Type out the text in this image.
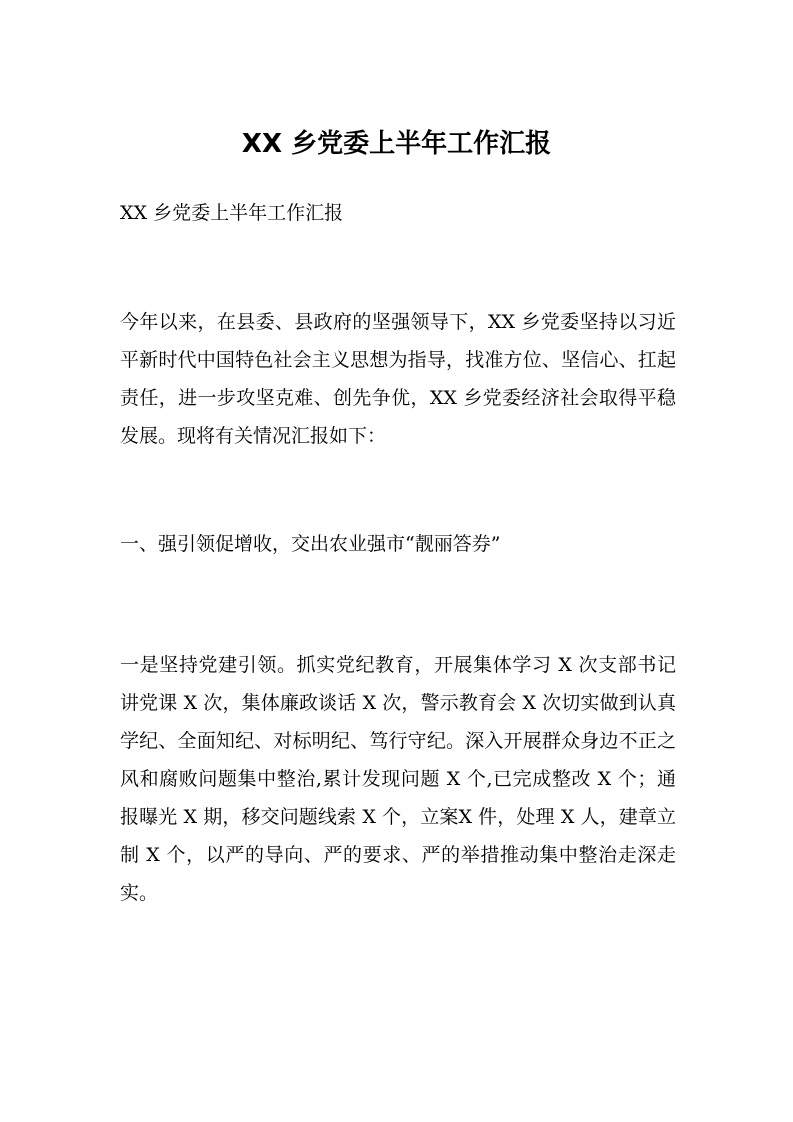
XX 乡党委上半年工作汇报

XX 乡党委上半年工作汇报

今年以来，在县委、县政府的坚强领导下，XX 乡党委坚持以习近平新时代中国特色社会主义思想为指导，找准方位、坚信心、扛起责任，进一步攻坚克难、创先争优，XX 乡党委经济社会取得平稳发展。现将有关情况汇报如下：

一、强引领促增收，交出农业强市“靓丽答券”

一是坚持党建引领。抓实党纪教育，开展集体学习 X 次支部书记讲党课 X 次，集体廉政谈话 X 次，警示教育会 X 次切实做到认真学纪、全面知纪、对标明纪、笃行守纪。深入开展群众身边不正之风和腐败问题集中整治,累计发现问题 X 个,已完成整改 X 个；通报曝光 X 期，移交问题线索 X 个，立案X 件，处理 X 人，建章立制 X 个，以严的导向、严的要求、严的举措推动集中整治走深走实。
